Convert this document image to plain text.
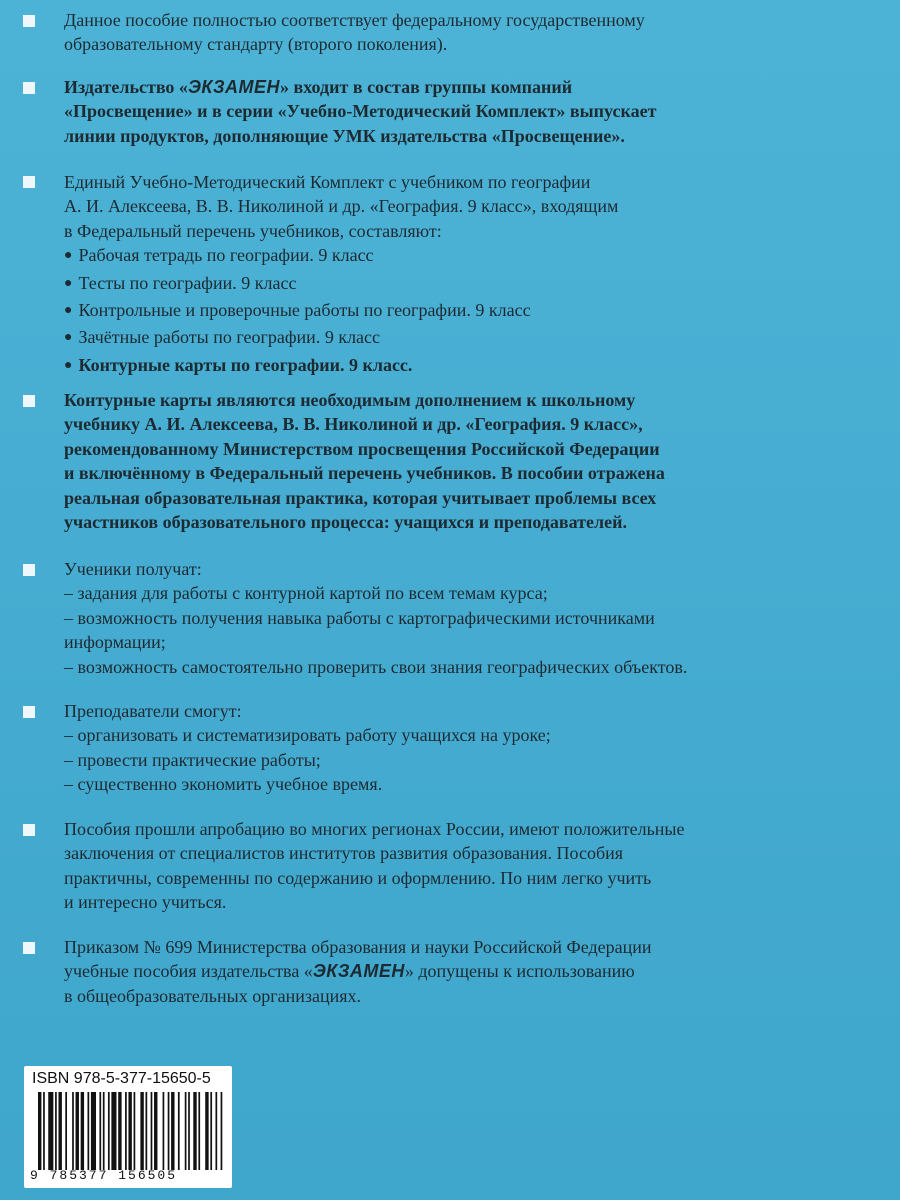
Данное пособие полностью соответствует федеральному государственному
образовательному стандарту (второго поколения).
Издательство «ЭКЗАМЕН» входит в состав группы компаний
«Просвещение» и в серии «Учебно-Методический Комплект» выпускает
линии продуктов, дополняющие УМК издательства «Просвещение».
Единый Учебно-Методический Комплект с учебником по географии
А. И. Алексеева, В. В. Николиной и др. «География. 9 класс», входящим
в Федеральный перечень учебников, составляют:
● Рабочая тетрадь по географии. 9 класс
● Тесты по географии. 9 класс
● Контрольные и проверочные работы по географии. 9 класс
● Зачётные работы по географии. 9 класс
● Контурные карты по географии. 9 класс.
Контурные карты являются необходимым дополнением к школьному
учебнику А. И. Алексеева, В. В. Николиной и др. «География. 9 класс»,
рекомендованному Министерством просвещения Российской Федерации
и включённому в Федеральный перечень учебников. В пособии отражена
реальная образовательная практика, которая учитывает проблемы всех
участников образовательного процесса: учащихся и преподавателей.
Ученики получат:
– задания для работы с контурной картой по всем темам курса;
– возможность получения навыка работы с картографическими источниками
информации;
– возможность самостоятельно проверить свои знания географических объектов.
Преподаватели смогут:
– организовать и систематизировать работу учащихся на уроке;
– провести практические работы;
– существенно экономить учебное время.
Пособия прошли апробацию во многих регионах России, имеют положительные
заключения от специалистов институтов развития образования. Пособия
практичны, современны по содержанию и оформлению. По ним легко учить
и интересно учиться.
Приказом № 699 Министерства образования и науки Российской Федерации
учебные пособия издательства «ЭКЗАМЕН» допущены к использованию
в общеобразовательных организациях.
ISBN 978-5-377-15650-5
9 785377 156505
